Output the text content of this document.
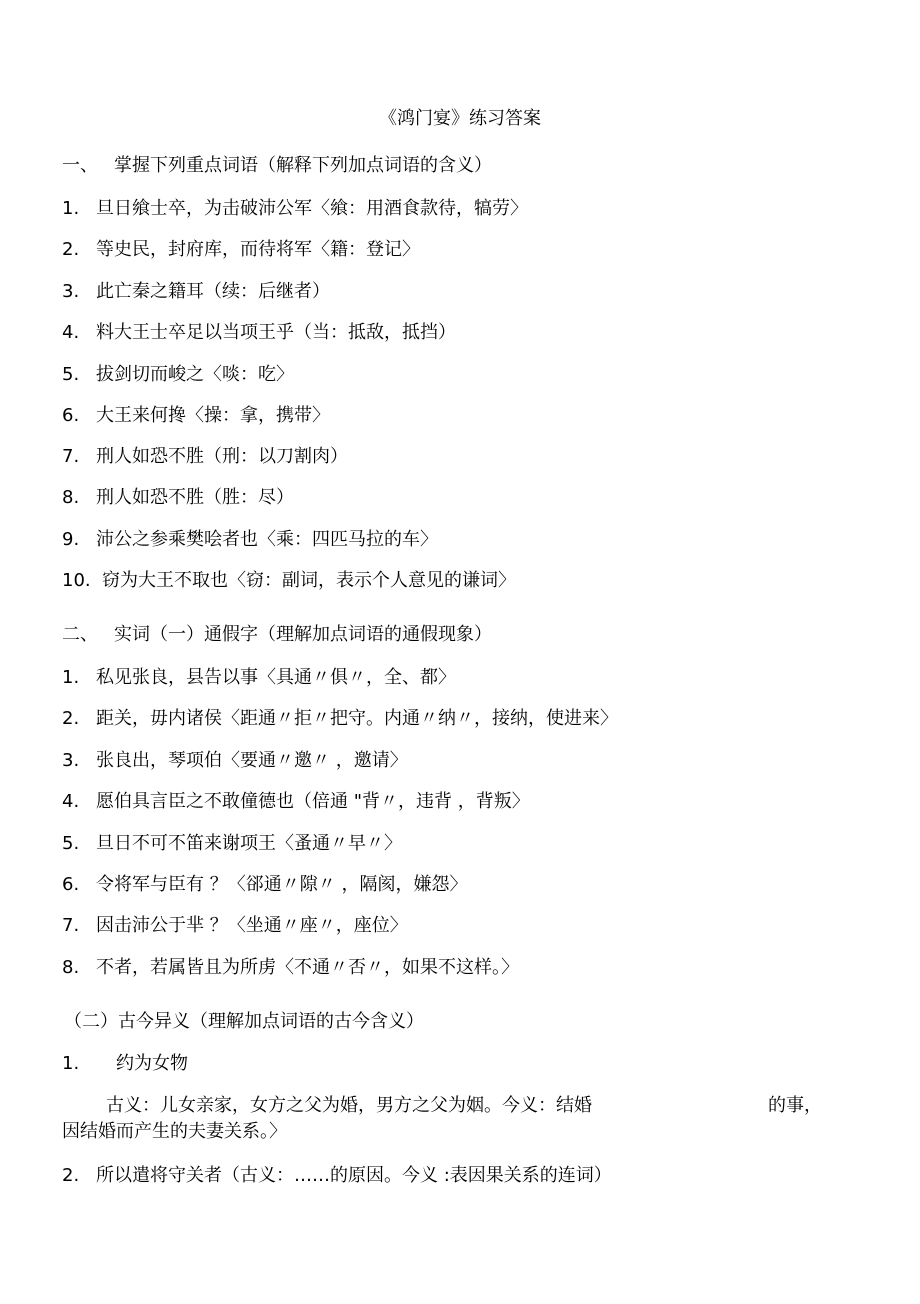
《鸿门宴》练习答案
一、 掌握下列重点词语（解释下列加点词语的含义）
1. 旦日飨士卒，为击破沛公军〈飨：用酒食款待，犒劳〉
2. 等史民，封府库，而待将军〈籍：登记〉
3. 此亡秦之籍耳（续：后继者）
4. 料大王士卒足以当项王乎（当：抵敌，抵挡）
5. 拔剑切而峻之〈啖：吃〉
6. 大王来何搀〈操：拿，携带〉
7. 刑人如恐不胜（刑：以刀割肉）
8. 刑人如恐不胜（胜：尽）
9. 沛公之参乘樊哙者也〈乘：四匹马拉的车〉
10. 窃为大王不取也〈窃：副词，表示个人意见的谦词〉
二、 实词（一）通假字（理解加点词语的通假现象）
1. 私见张良，县告以事〈具通〃俱〃，全、都〉
2. 距关，毋内诸侯〈距通〃拒〃把守。内通〃纳〃，接纳，使进来〉
3. 张良出，琴项伯〈要通〃邀〃 ，邀请〉
4. 愿伯具言臣之不敢僮德也（倍通 "背〃，违背 ，背叛〉
5. 旦日不可不笛来谢项王〈蚤通〃早〃〉
6. 令将军与臣有 ？〈郤通〃隙〃 ，隔阂，嫌怨〉
7. 因击沛公于芈 ？〈坐通〃座〃，座位〉
8. 不者，若属皆且为所虏〈不通〃否〃，如果不这样。〉
（二）古今异义（理解加点词语的古今含义）
1. 约为女物
古义：儿女亲家，女方之父为婚，男方之父为姻。今义：结婚	的事，
因结婚而产生的夫妻关系。〉
2. 所以遣将守关者（古义：……的原因。今义 :表因果关系的连词）
